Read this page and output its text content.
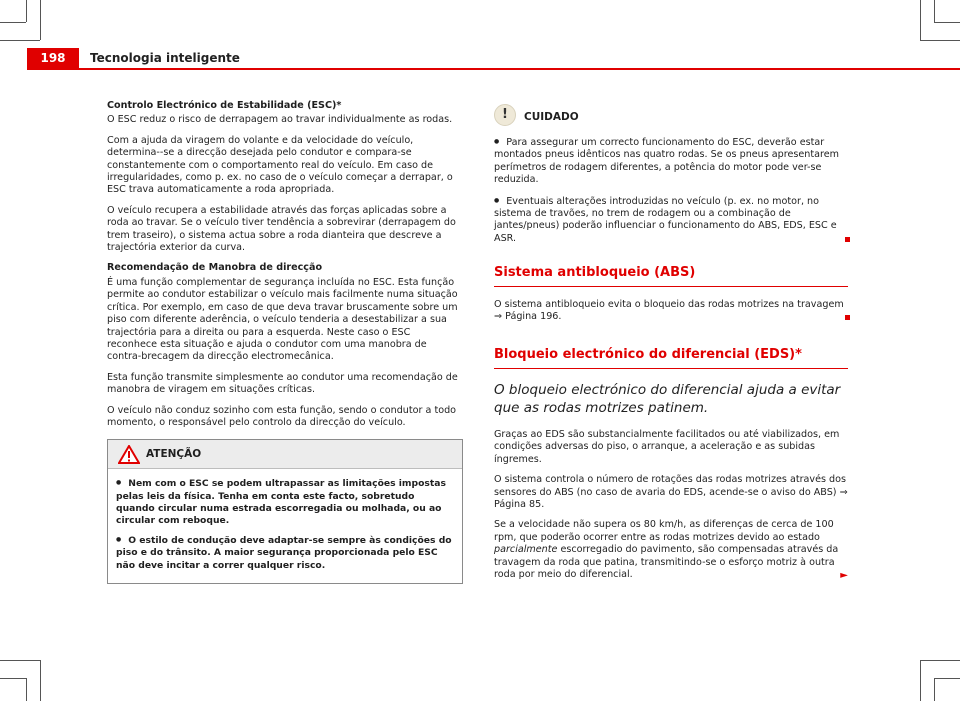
198	Tecnologia inteligente

Controlo Electrónico de Estabilidade (ESC)*

O ESC reduz o risco de derrapagem ao travar individualmente as rodas.

Com a ajuda da viragem do volante e da velocidade do veículo, determina--se a direcção desejada pelo condutor e compara-se constantemente com o comportamento real do veículo. Em caso de irregularidades, como p. ex. no caso de o veículo começar a derrapar, o ESC trava automaticamente a roda apropriada.

O veículo recupera a estabilidade através das forças aplicadas sobre a roda ao travar. Se o veículo tiver tendência a sobrevirar (derrapagem do trem traseiro), o sistema actua sobre a roda dianteira que descreve a trajectória exterior da curva.

Recomendação de Manobra de direcção

É uma função complementar de segurança incluída no ESC. Esta função permite ao condutor estabilizar o veículo mais facilmente numa situação crítica. Por exemplo, em caso de que deva travar bruscamente sobre um piso com diferente aderência, o veículo tenderia a desestabilizar a sua trajectória para a direita ou para a esquerda. Neste caso o ESC reconhece esta situação e ajuda o condutor com uma manobra de contra-brecagem da direcção electromecânica.

Esta função transmite simplesmente ao condutor uma recomendação de manobra de viragem em situações críticas.

O veículo não conduz sozinho com esta função, sendo o condutor a todo momento, o responsável pelo controlo da direcção do veículo.

ATENÇÃO

● Nem com o ESC se podem ultrapassar as limitações impostas pelas leis da física. Tenha em conta este facto, sobretudo quando circular numa estrada escorregadia ou molhada, ou ao circular com reboque.

● O estilo de condução deve adaptar-se sempre às condições do piso e do trânsito. A maior segurança proporcionada pelo ESC não deve incitar a correr qualquer risco.

!	CUIDADO

● Para assegurar um correcto funcionamento do ESC, deverão estar montados pneus idênticos nas quatro rodas. Se os pneus apresentarem perímetros de rodagem diferentes, a potência do motor pode ver-se reduzida.

● Eventuais alterações introduzidas no veículo (p. ex. no motor, no sistema de travões, no trem de rodagem ou a combinação de jantes/pneus) poderão influenciar o funcionamento do ABS, EDS, ESC e ASR.

Sistema antibloqueio (ABS)

O sistema antibloqueio evita o bloqueio das rodas motrizes na travagem ⇒ Página 196.

Bloqueio electrónico do diferencial (EDS)*
O bloqueio electrónico do diferencial ajuda a evitar que as rodas motrizes patinem.

Graças ao EDS são substancialmente facilitados ou até viabilizados, em condições adversas do piso, o arranque, a aceleração e as subidas íngremes.

O sistema controla o número de rotações das rodas motrizes através dos sensores do ABS (no caso de avaria do EDS, acende-se o aviso do ABS) ⇒ Página 85.

Se a velocidade não supera os 80 km/h, as diferenças de cerca de 100 rpm, que poderão ocorrer entre as rodas motrizes devido ao estado parcialmente escorregadio do pavimento, são compensadas através da travagem da roda que patina, transmitindo-se o esforço motriz à outra roda por meio do diferencial.	►
